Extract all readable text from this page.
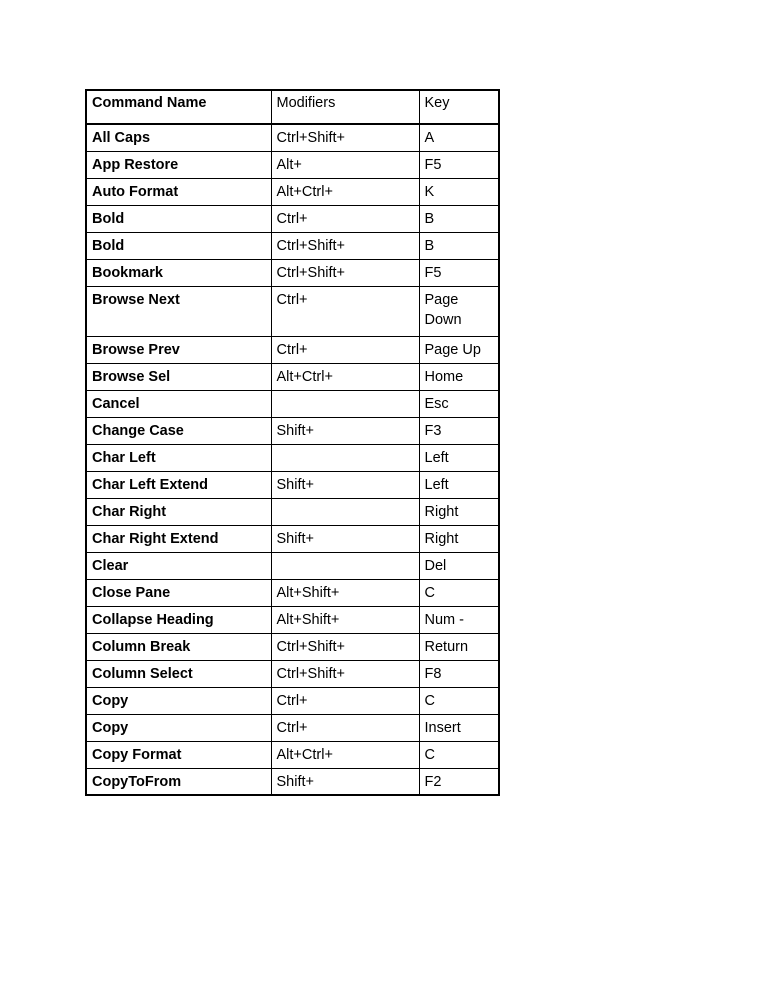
Command Name	Modifiers	Key
All Caps	Ctrl+Shift+	A
App Restore	Alt+	F5
Auto Format	Alt+Ctrl+	K
Bold	Ctrl+	B
Bold	Ctrl+Shift+	B
Bookmark	Ctrl+Shift+	F5
Browse Next	Ctrl+	Page Down
Browse Prev	Ctrl+	Page Up
Browse Sel	Alt+Ctrl+	Home
Cancel		Esc
Change Case	Shift+	F3
Char Left		Left
Char Left Extend	Shift+	Left
Char Right		Right
Char Right Extend	Shift+	Right
Clear		Del
Close Pane	Alt+Shift+	C
Collapse Heading	Alt+Shift+	Num -
Column Break	Ctrl+Shift+	Return
Column Select	Ctrl+Shift+	F8
Copy	Ctrl+	C
Copy	Ctrl+	Insert
Copy Format	Alt+Ctrl+	C
CopyToFrom	Shift+	F2
